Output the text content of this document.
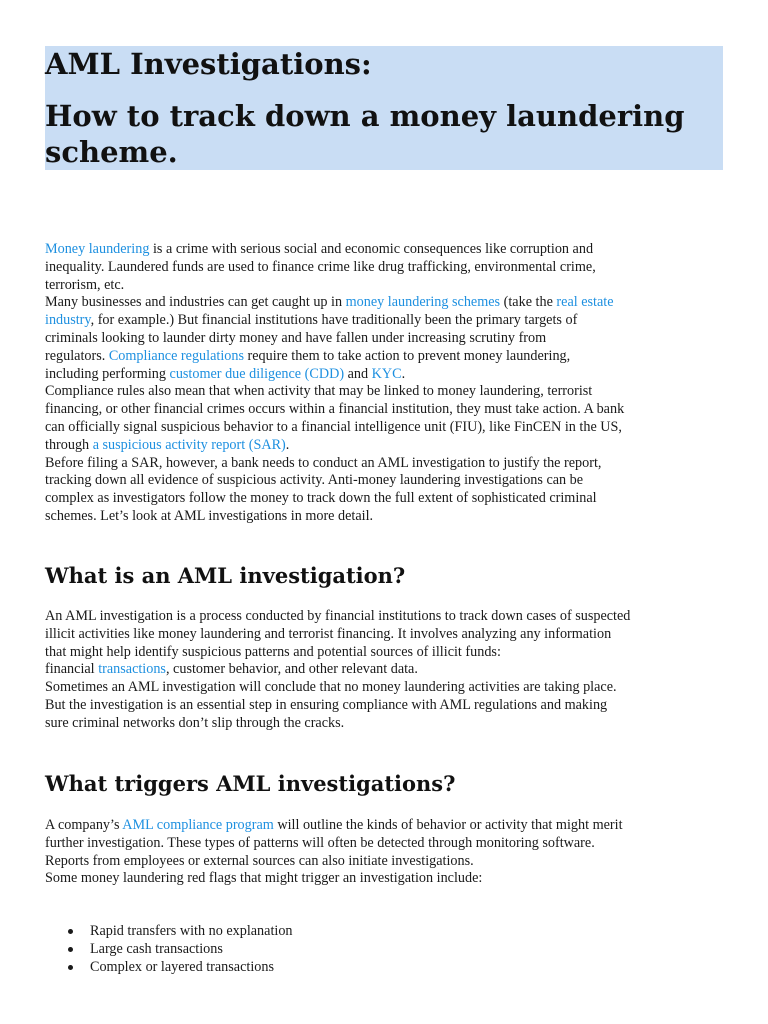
AML Investigations:
How to track down a money laundering
scheme.
Money laundering is a crime with serious social and economic consequences like corruption and
inequality. Laundered funds are used to finance crime like drug trafficking, environmental crime,
terrorism, etc.
Many businesses and industries can get caught up in money laundering schemes (take the real estate
industry, for example.) But financial institutions have traditionally been the primary targets of
criminals looking to launder dirty money and have fallen under increasing scrutiny from
regulators. Compliance regulations require them to take action to prevent money laundering,
including performing customer due diligence (CDD) and KYC.
Compliance rules also mean that when activity that may be linked to money laundering, terrorist
financing, or other financial crimes occurs within a financial institution, they must take action. A bank
can officially signal suspicious behavior to a financial intelligence unit (FIU), like FinCEN in the US,
through a suspicious activity report (SAR).
Before filing a SAR, however, a bank needs to conduct an AML investigation to justify the report,
tracking down all evidence of suspicious activity. Anti-money laundering investigations can be
complex as investigators follow the money to track down the full extent of sophisticated criminal
schemes. Let’s look at AML investigations in more detail.
What is an AML investigation?
An AML investigation is a process conducted by financial institutions to track down cases of suspected
illicit activities like money laundering and terrorist financing. It involves analyzing any information
that might help identify suspicious patterns and potential sources of illicit funds:
financial transactions, customer behavior, and other relevant data.
Sometimes an AML investigation will conclude that no money laundering activities are taking place.
But the investigation is an essential step in ensuring compliance with AML regulations and making
sure criminal networks don’t slip through the cracks.
What triggers AML investigations?
A company’s AML compliance program will outline the kinds of behavior or activity that might merit
further investigation. These types of patterns will often be detected through monitoring software.
Reports from employees or external sources can also initiate investigations.
Some money laundering red flags that might trigger an investigation include:
Rapid transfers with no explanation
Large cash transactions
Complex or layered transactions
